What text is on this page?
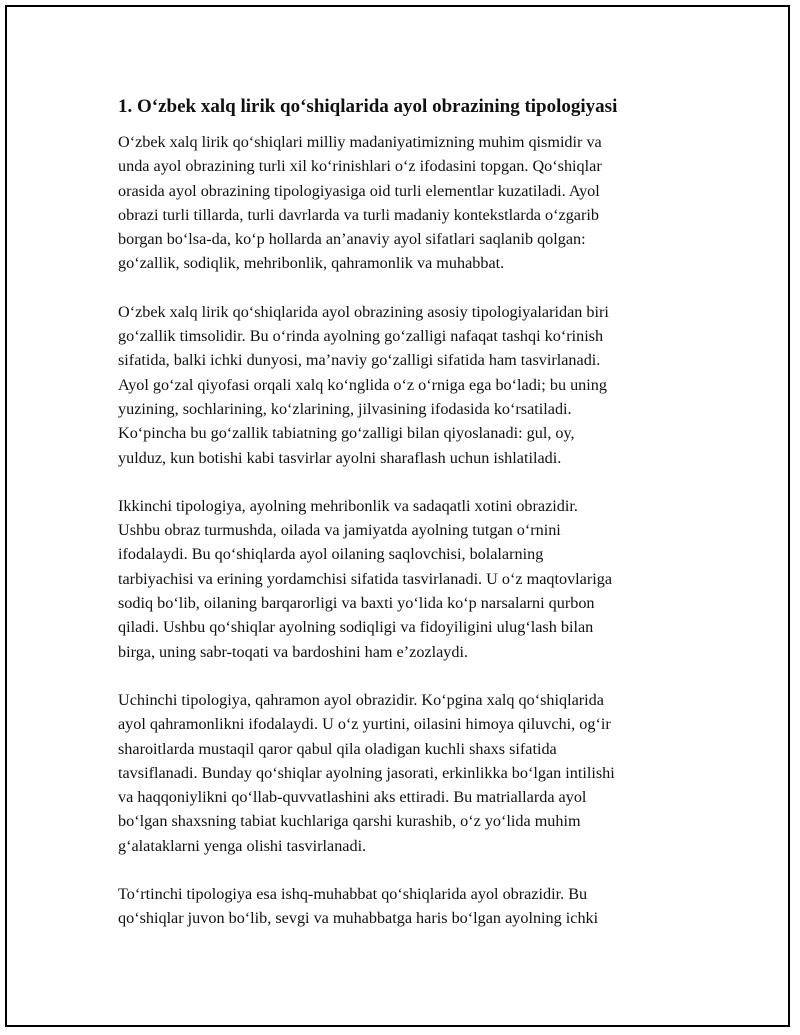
1. O‘zbek xalq lirik qo‘shiqlarida ayol obrazining tipologiyasi

O‘zbek xalq lirik qo‘shiqlari milliy madaniyatimizning muhim qismidir va
unda ayol obrazining turli xil ko‘rinishlari o‘z ifodasini topgan. Qo‘shiqlar
orasida ayol obrazining tipologiyasiga oid turli elementlar kuzatiladi. Ayol
obrazi turli tillarda, turli davrlarda va turli madaniy kontekstlarda o‘zgarib
borgan bo‘lsa-da, ko‘p hollarda an’anaviy ayol sifatlari saqlanib qolgan:
go‘zallik, sodiqlik, mehribonlik, qahramonlik va muhabbat.

O‘zbek xalq lirik qo‘shiqlarida ayol obrazining asosiy tipologiyalaridan biri
go‘zallik timsolidir. Bu o‘rinda ayolning go‘zalligi nafaqat tashqi ko‘rinish
sifatida, balki ichki dunyosi, ma’naviy go‘zalligi sifatida ham tasvirlanadi.
Ayol go‘zal qiyofasi orqali xalq ko‘nglida o‘z o‘rniga ega bo‘ladi; bu uning
yuzining, sochlarining, ko‘zlarining, jilvasining ifodasida ko‘rsatiladi.
Ko‘pincha bu go‘zallik tabiatning go‘zalligi bilan qiyoslanadi: gul, oy,
yulduz, kun botishi kabi tasvirlar ayolni sharaflash uchun ishlatiladi.

Ikkinchi tipologiya, ayolning mehribonlik va sadaqatli xotini obrazidir.
Ushbu obraz turmushda, oilada va jamiyatda ayolning tutgan o‘rnini
ifodalaydi. Bu qo‘shiqlarda ayol oilaning saqlovchisi, bolalarning
tarbiyachisi va erining yordamchisi sifatida tasvirlanadi. U o‘z maqtovlariga
sodiq bo‘lib, oilaning barqarorligi va baxti yo‘lida ko‘p narsalarni qurbon
qiladi. Ushbu qo‘shiqlar ayolning sodiqligi va fidoyiligini ulug‘lash bilan
birga, uning sabr-toqati va bardoshini ham e’zozlaydi.

Uchinchi tipologiya, qahramon ayol obrazidir. Ko‘pgina xalq qo‘shiqlarida
ayol qahramonlikni ifodalaydi. U o‘z yurtini, oilasini himoya qiluvchi, og‘ir
sharoitlarda mustaqil qaror qabul qila oladigan kuchli shaxs sifatida
tavsiflanadi. Bunday qo‘shiqlar ayolning jasorati, erkinlikka bo‘lgan intilishi
va haqqoniylikni qo‘llab-quvvatlashini aks ettiradi. Bu matriallarda ayol
bo‘lgan shaxsning tabiat kuchlariga qarshi kurashib, o‘z yo‘lida muhim
g‘alataklarni yenga olishi tasvirlanadi.

To‘rtinchi tipologiya esa ishq-muhabbat qo‘shiqlarida ayol obrazidir. Bu
qo‘shiqlar juvon bo‘lib, sevgi va muhabbatga haris bo‘lgan ayolning ichki
